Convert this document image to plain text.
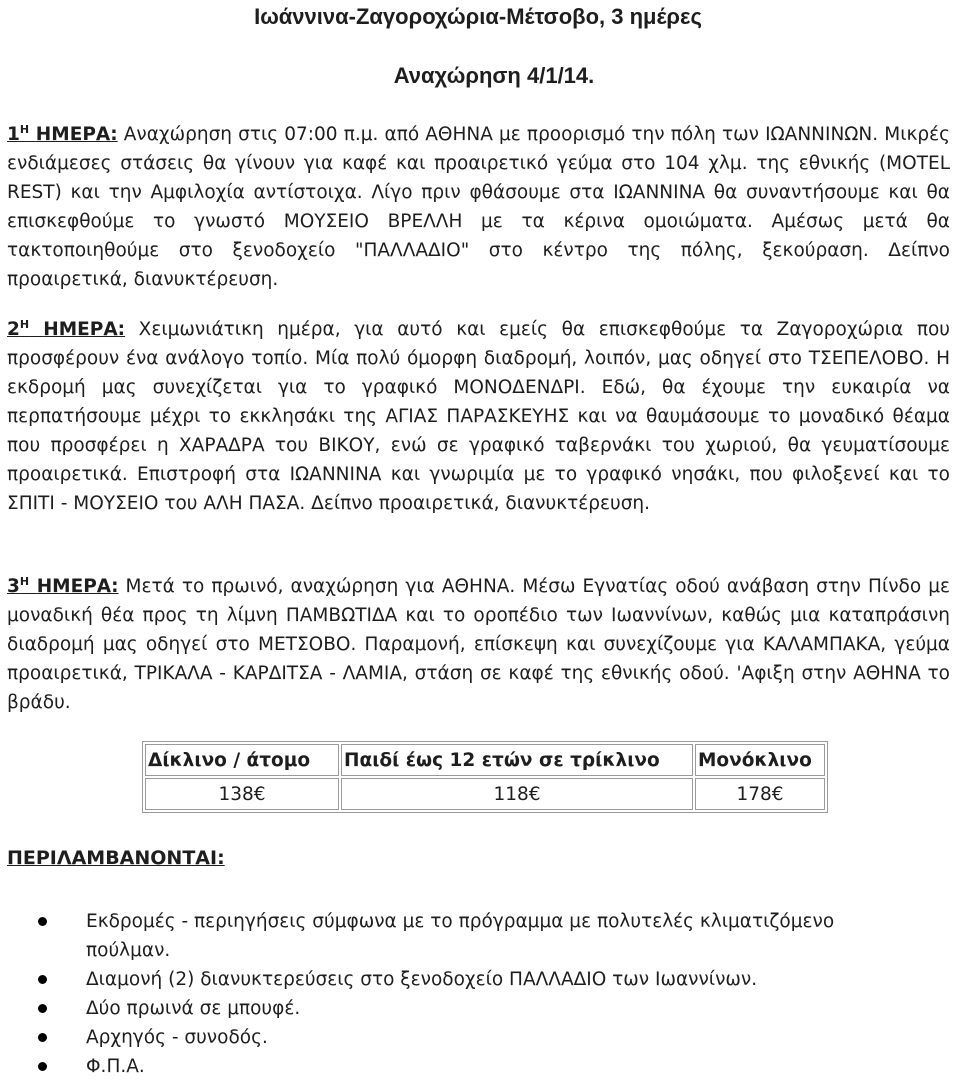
Ιωάννινα-Ζαγοροχώρια-Μέτσοβο, 3 ημέρες
Αναχώρηση 4/1/14.

$1^H$ ΗΜΕΡΑ: Αναχώρηση στις 07:00 π.μ. από ΑΘΗΝΑ με προορισμό την πόλη των ΙΩΑΝΝΙΝΩΝ. Μικρές ενδιάμεσες στάσεις θα γίνουν για καφέ και προαιρετικό γεύμα στο 104 χλμ. της εθνικής (MOTEL REST) και την Αμφιλοχία αντίστοιχα. Λίγο πριν φθάσουμε στα ΙΩΑΝΝΙΝΑ θα συναντήσουμε και θα επισκεφθούμε το γνωστό ΜΟΥΣΕΙΟ ΒΡΕΛΛΗ με τα κέρινα ομοιώματα. Αμέσως μετά θα τακτοποιηθούμε στο ξενοδοχείο "ΠΑΛΛΑΔΙΟ" στο κέντρο της πόλης, ξεκούραση. Δείπνο προαιρετικά, διανυκτέρευση.

$2^H$ ΗΜΕΡΑ: Χειμωνιάτικη ημέρα, για αυτό και εμείς θα επισκεφθούμε τα Ζαγοροχώρια που προσφέρουν ένα ανάλογο τοπίο. Μία πολύ όμορφη διαδρομή, λοιπόν, μας οδηγεί στο ΤΣΕΠΕΛΟΒΟ. Η εκδρομή μας συνεχίζεται για το γραφικό ΜΟΝΟΔΕΝΔΡΙ. Εδώ, θα έχουμε την ευκαιρία να περπατήσουμε μέχρι το εκκλησάκι της ΑΓΙΑΣ ΠΑΡΑΣΚΕΥΗΣ και να θαυμάσουμε το μοναδικό θέαμα που προσφέρει η ΧΑΡΑΔΡΑ του ΒΙΚΟΥ, ενώ σε γραφικό ταβερνάκι του χωριού, θα γευματίσουμε προαιρετικά. Επιστροφή στα ΙΩΑΝΝΙΝΑ και γνωριμία με το γραφικό νησάκι, που φιλοξενεί και το ΣΠΙΤΙ - ΜΟΥΣΕΙΟ του ΑΛΗ ΠΑΣΑ. Δείπνο προαιρετικά, διανυκτέρευση.

$3^H$ ΗΜΕΡΑ: Μετά το πρωινό, αναχώρηση για ΑΘΗΝΑ. Μέσω Εγνατίας οδού ανάβαση στην Πίνδο με μοναδική θέα προς τη λίμνη ΠΑΜΒΩΤΙΔΑ και το οροπέδιο των Ιωαννίνων, καθώς μια καταπράσινη διαδρομή μας οδηγεί στο ΜΕΤΣΟΒΟ. Παραμονή, επίσκεψη και συνεχίζουμε για ΚΑΛΑΜΠΑΚΑ, γεύμα προαιρετικά, ΤΡΙΚΑΛΑ - ΚΑΡΔΙΤΣΑ - ΛΑΜΙΑ, στάση σε καφέ της εθνικής οδού. 'Αφιξη στην ΑΘΗΝΑ το βράδυ.

Δίκλινο / άτομο	Παιδί έως 12 ετών σε τρίκλινο	Μονόκλινο
138€	118€	178€
ΠΕΡΙΛΑΜΒΑΝΟΝΤΑΙ:
Εκδρομές - περιηγήσεις σύμφωνα με το πρόγραμμα με πολυτελές κλιματιζόμενο πούλμαν.
Διαμονή (2) διανυκτερεύσεις στο ξενοδοχείο ΠΑΛΛΑΔΙΟ των Ιωαννίνων.
Δύο πρωινά σε μπουφέ.
Αρχηγός - συνοδός.
Φ.Π.Α.
